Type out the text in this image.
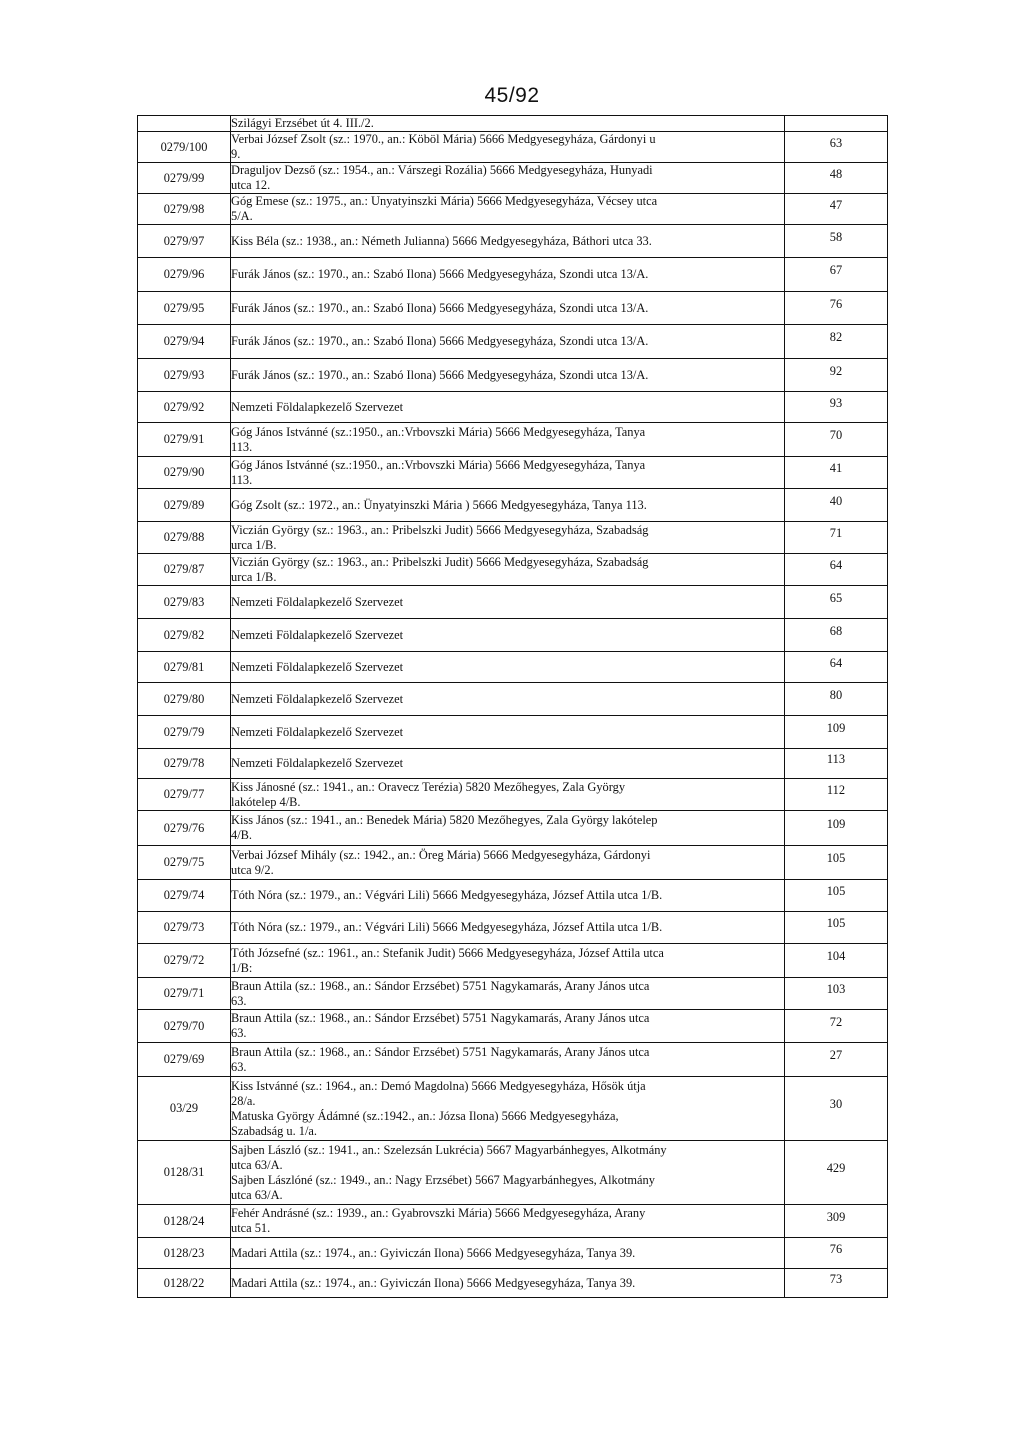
45/92

	Szilágyi Erzsébet út 4. III./2.	

0279/100	Verbai József Zsolt (sz.: 1970., an.: Köböl Mária) 5666 Medgyesegyháza, Gárdonyi u
9.	63
0279/99	Draguljov Dezső (sz.: 1954., an.: Várszegi Rozália) 5666 Medgyesegyháza, Hunyadi
utca 12.	48
0279/98	Góg Emese (sz.: 1975., an.: Unyatyinszki Mária) 5666 Medgyesegyháza, Vécsey utca
5/A.	47
0279/97	Kiss Béla (sz.: 1938., an.: Németh Julianna) 5666 Medgyesegyháza, Báthori utca 33.	58
0279/96	Furák János (sz.: 1970., an.: Szabó Ilona) 5666 Medgyesegyháza, Szondi utca 13/A.	67
0279/95	Furák János (sz.: 1970., an.: Szabó Ilona) 5666 Medgyesegyháza, Szondi utca 13/A.	76
0279/94	Furák János (sz.: 1970., an.: Szabó Ilona) 5666 Medgyesegyháza, Szondi utca 13/A.	82
0279/93	Furák János (sz.: 1970., an.: Szabó Ilona) 5666 Medgyesegyháza, Szondi utca 13/A.	92
0279/92	Nemzeti Földalapkezelő Szervezet	93
0279/91	Góg János Istvánné (sz.:1950., an.:Vrbovszki Mária) 5666 Medgyesegyháza, Tanya
113.	70
0279/90	Góg János Istvánné (sz.:1950., an.:Vrbovszki Mária) 5666 Medgyesegyháza, Tanya
113.	41
0279/89	Góg Zsolt (sz.: 1972., an.: Ünyatyinszki Mária ) 5666 Medgyesegyháza, Tanya 113.	40
0279/88	Viczián György (sz.: 1963., an.: Pribelszki Judit) 5666 Medgyesegyháza, Szabadság
urca 1/B.	71
0279/87	Viczián György (sz.: 1963., an.: Pribelszki Judit) 5666 Medgyesegyháza, Szabadság
urca 1/B.	64
0279/83	Nemzeti Földalapkezelő Szervezet	65
0279/82	Nemzeti Földalapkezelő Szervezet	68
0279/81	Nemzeti Földalapkezelő Szervezet	64
0279/80	Nemzeti Földalapkezelő Szervezet	80
0279/79	Nemzeti Földalapkezelő Szervezet	109
0279/78	Nemzeti Földalapkezelő Szervezet	113
0279/77	Kiss Jánosné (sz.: 1941., an.: Oravecz Terézia) 5820 Mezőhegyes, Zala György
lakótelep 4/B.	112
0279/76	Kiss János (sz.: 1941., an.: Benedek Mária) 5820 Mezőhegyes, Zala György lakótelep
4/B.	109
0279/75	Verbai József Mihály (sz.: 1942., an.: Öreg Mária) 5666 Medgyesegyháza, Gárdonyi
utca 9/2.	105
0279/74	Tóth Nóra (sz.: 1979., an.: Végvári Lili) 5666 Medgyesegyháza, József Attila utca 1/B.	105
0279/73	Tóth Nóra (sz.: 1979., an.: Végvári Lili) 5666 Medgyesegyháza, József Attila utca 1/B.	105
0279/72	Tóth Józsefné (sz.: 1961., an.: Stefanik Judit) 5666 Medgyesegyháza, József Attila utca
1/B:	104
0279/71	Braun Attila (sz.: 1968., an.: Sándor Erzsébet) 5751 Nagykamarás, Arany János utca
63.	103
0279/70	Braun Attila (sz.: 1968., an.: Sándor Erzsébet) 5751 Nagykamarás, Arany János utca
63.	72
0279/69	Braun Attila (sz.: 1968., an.: Sándor Erzsébet) 5751 Nagykamarás, Arany János utca
63.	27
03/29	Kiss Istvánné (sz.: 1964., an.: Demó Magdolna) 5666 Medgyesegyháza, Hősök útja
28/a.
Matuska György Ádámné (sz.:1942., an.: Józsa Ilona) 5666 Medgyesegyháza,
Szabadság u. 1/a.	30
0128/31	Sajben László (sz.: 1941., an.: Szelezsán Lukrécia) 5667 Magyarbánhegyes, Alkotmány
utca 63/A.
Sajben Lászlóné (sz.: 1949., an.: Nagy Erzsébet) 5667 Magyarbánhegyes, Alkotmány
utca 63/A.	429
0128/24	Fehér Andrásné (sz.: 1939., an.: Gyabrovszki Mária) 5666 Medgyesegyháza, Arany
utca 51.	309
0128/23	Madari Attila (sz.: 1974., an.: Gyiviczán Ilona) 5666 Medgyesegyháza, Tanya 39.	76
0128/22	Madari Attila (sz.: 1974., an.: Gyiviczán Ilona) 5666 Medgyesegyháza, Tanya 39.	73
